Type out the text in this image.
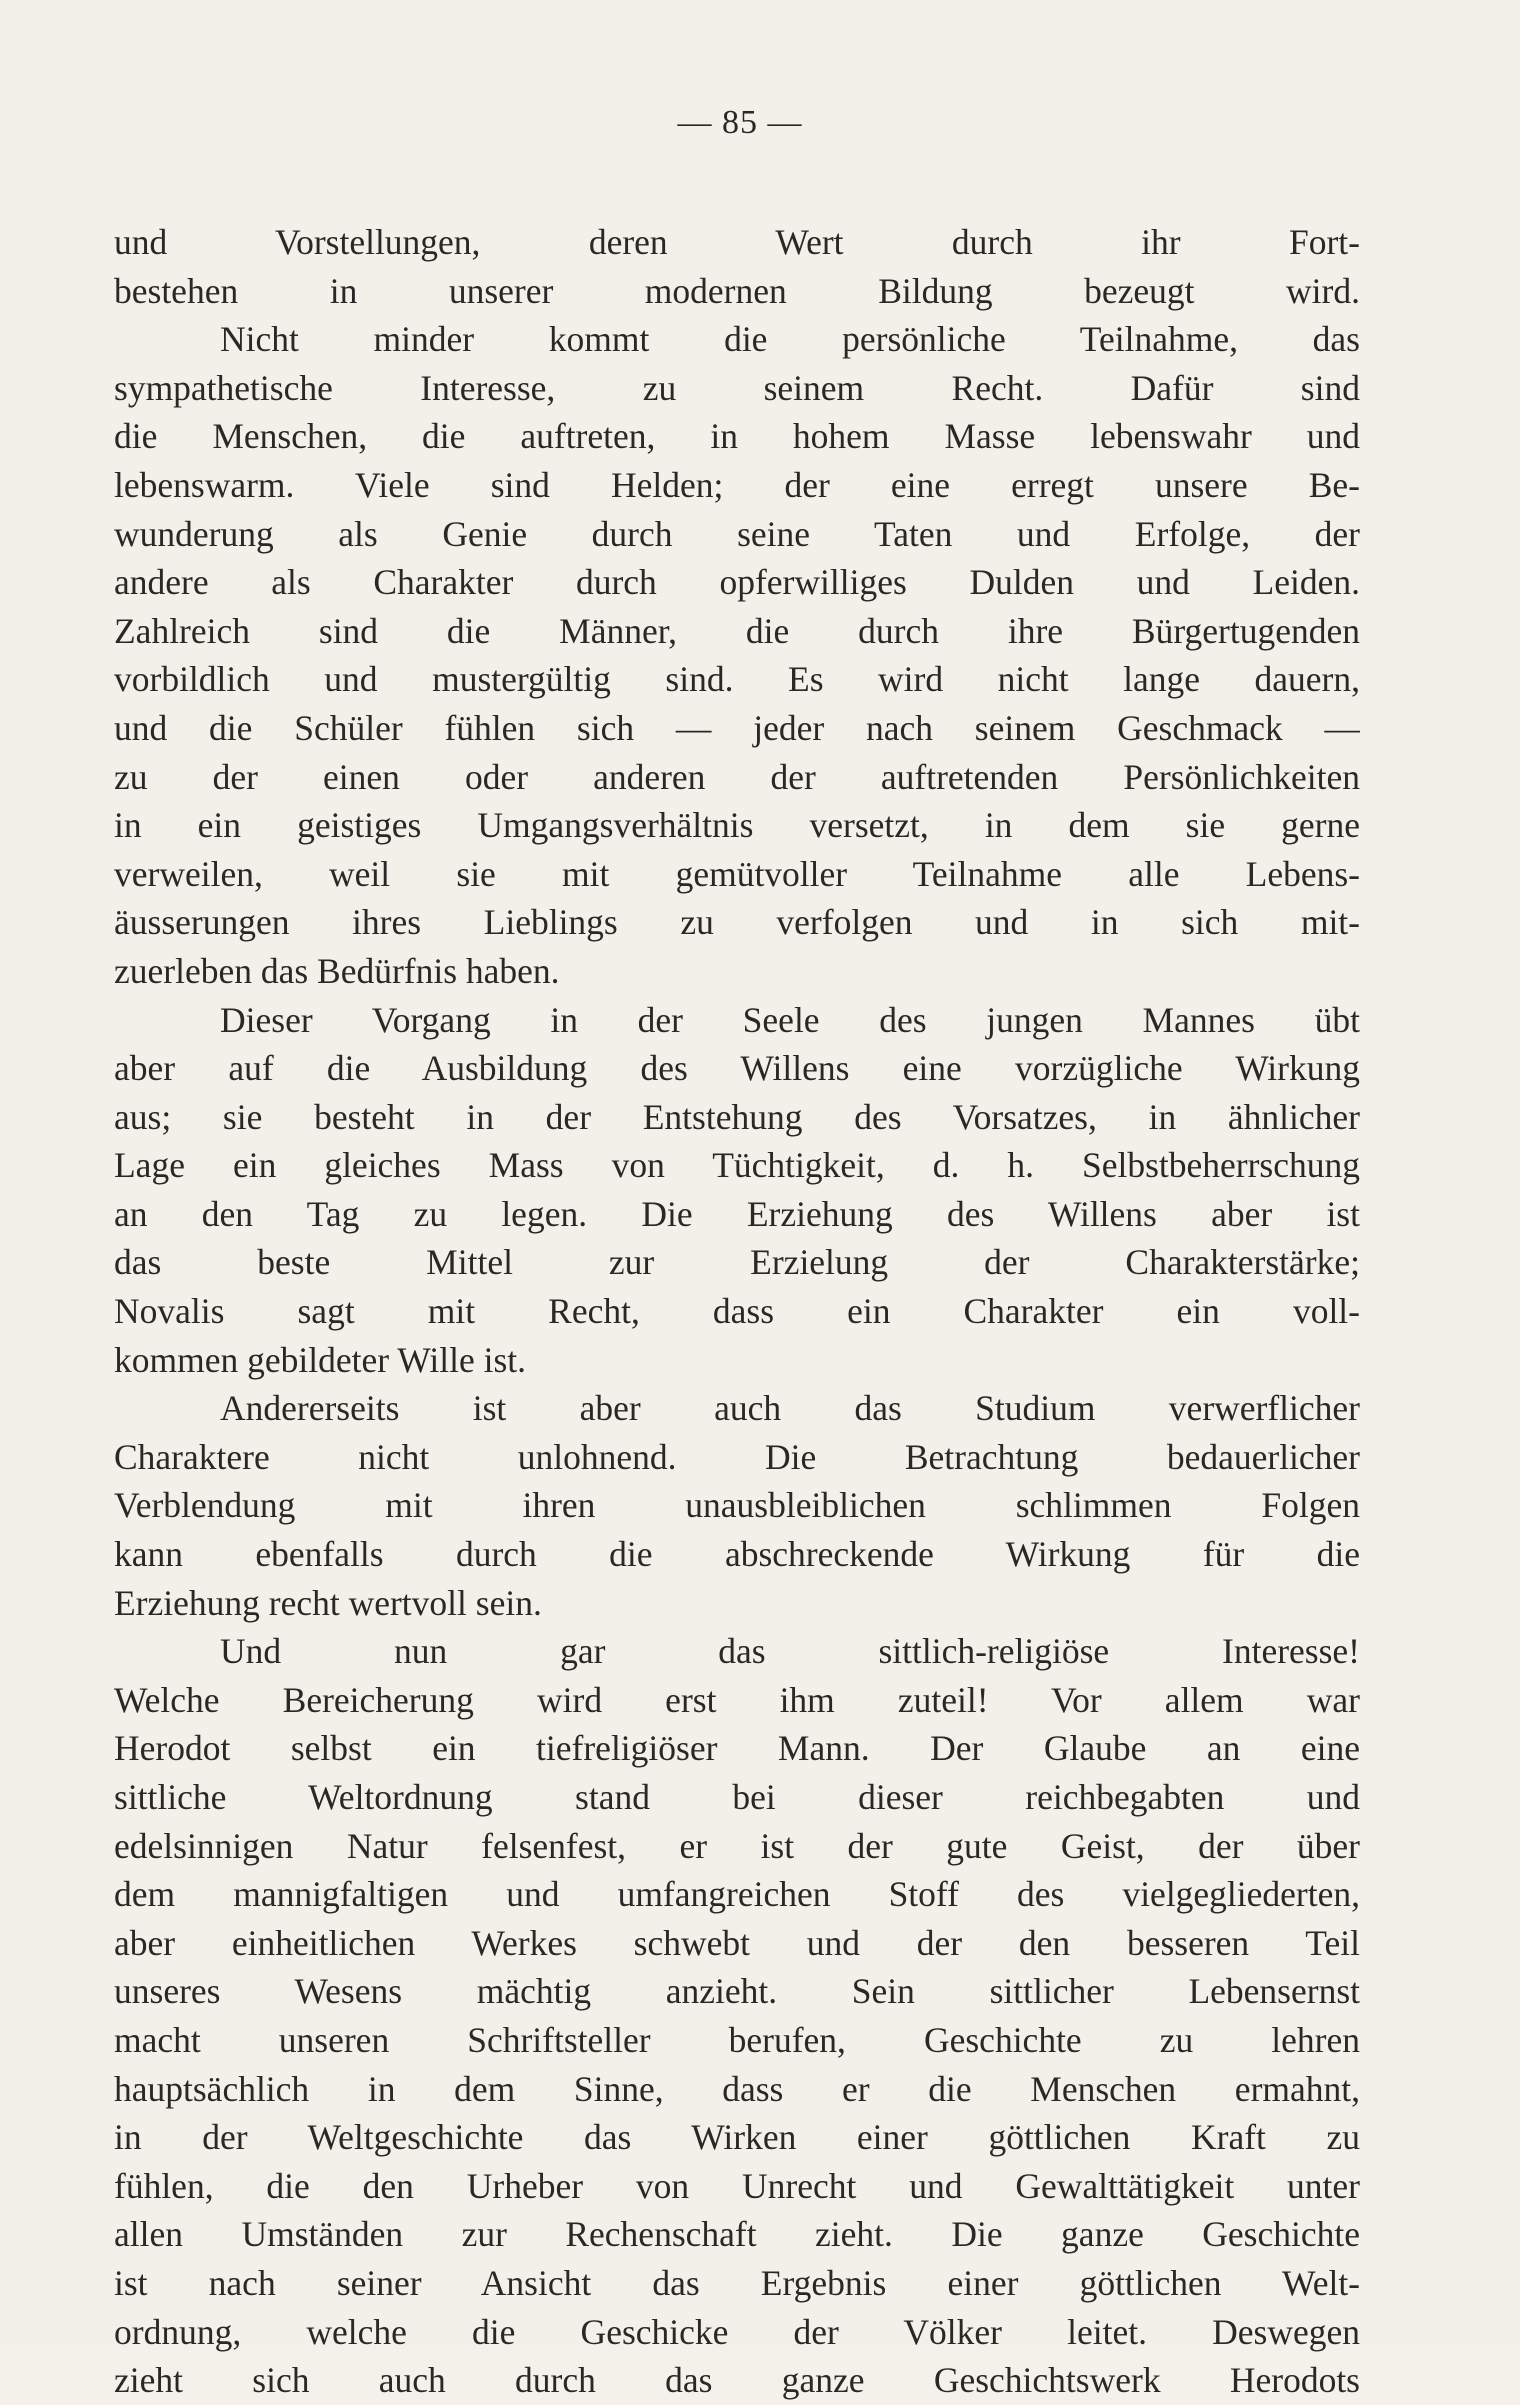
— 85 —
und Vorstellungen, deren Wert durch ihr Fort-
bestehen in unserer modernen Bildung bezeugt wird.
Nicht minder kommt die persönliche Teilnahme, das
sympathetische Interesse, zu seinem Recht. Dafür sind
die Menschen, die auftreten, in hohem Masse lebenswahr und
lebenswarm. Viele sind Helden; der eine erregt unsere Be-
wunderung als Genie durch seine Taten und Erfolge, der
andere als Charakter durch opferwilliges Dulden und Leiden.
Zahlreich sind die Männer, die durch ihre Bürgertugenden
vorbildlich und mustergültig sind. Es wird nicht lange dauern,
und die Schüler fühlen sich — jeder nach seinem Geschmack —
zu der einen oder anderen der auftretenden Persönlichkeiten
in ein geistiges Umgangsverhältnis versetzt, in dem sie gerne
verweilen, weil sie mit gemütvoller Teilnahme alle Lebens-
äusserungen ihres Lieblings zu verfolgen und in sich mit-
zuerleben das Bedürfnis haben.
Dieser Vorgang in der Seele des jungen Mannes übt
aber auf die Ausbildung des Willens eine vorzügliche Wirkung
aus; sie besteht in der Entstehung des Vorsatzes, in ähnlicher
Lage ein gleiches Mass von Tüchtigkeit, d. h. Selbstbeherrschung
an den Tag zu legen. Die Erziehung des Willens aber ist
das beste Mittel zur Erzielung der Charakterstärke;
Novalis sagt mit Recht, dass ein Charakter ein voll-
kommen gebildeter Wille ist.
Andererseits ist aber auch das Studium verwerflicher
Charaktere nicht unlohnend. Die Betrachtung bedauerlicher
Verblendung mit ihren unausbleiblichen schlimmen Folgen
kann ebenfalls durch die abschreckende Wirkung für die
Erziehung recht wertvoll sein.
Und nun gar das sittlich-religiöse Interesse!
Welche Bereicherung wird erst ihm zuteil! Vor allem war
Herodot selbst ein tiefreligiöser Mann. Der Glaube an eine
sittliche Weltordnung stand bei dieser reichbegabten und
edelsinnigen Natur felsenfest, er ist der gute Geist, der über
dem mannigfaltigen und umfangreichen Stoff des vielgegliederten,
aber einheitlichen Werkes schwebt und der den besseren Teil
unseres Wesens mächtig anzieht. Sein sittlicher Lebensernst
macht unseren Schriftsteller berufen, Geschichte zu lehren
hauptsächlich in dem Sinne, dass er die Menschen ermahnt,
in der Weltgeschichte das Wirken einer göttlichen Kraft zu
fühlen, die den Urheber von Unrecht und Gewalttätigkeit unter
allen Umständen zur Rechenschaft zieht. Die ganze Geschichte
ist nach seiner Ansicht das Ergebnis einer göttlichen Welt-
ordnung, welche die Geschicke der Völker leitet. Deswegen
zieht sich auch durch das ganze Geschichtswerk Herodots
